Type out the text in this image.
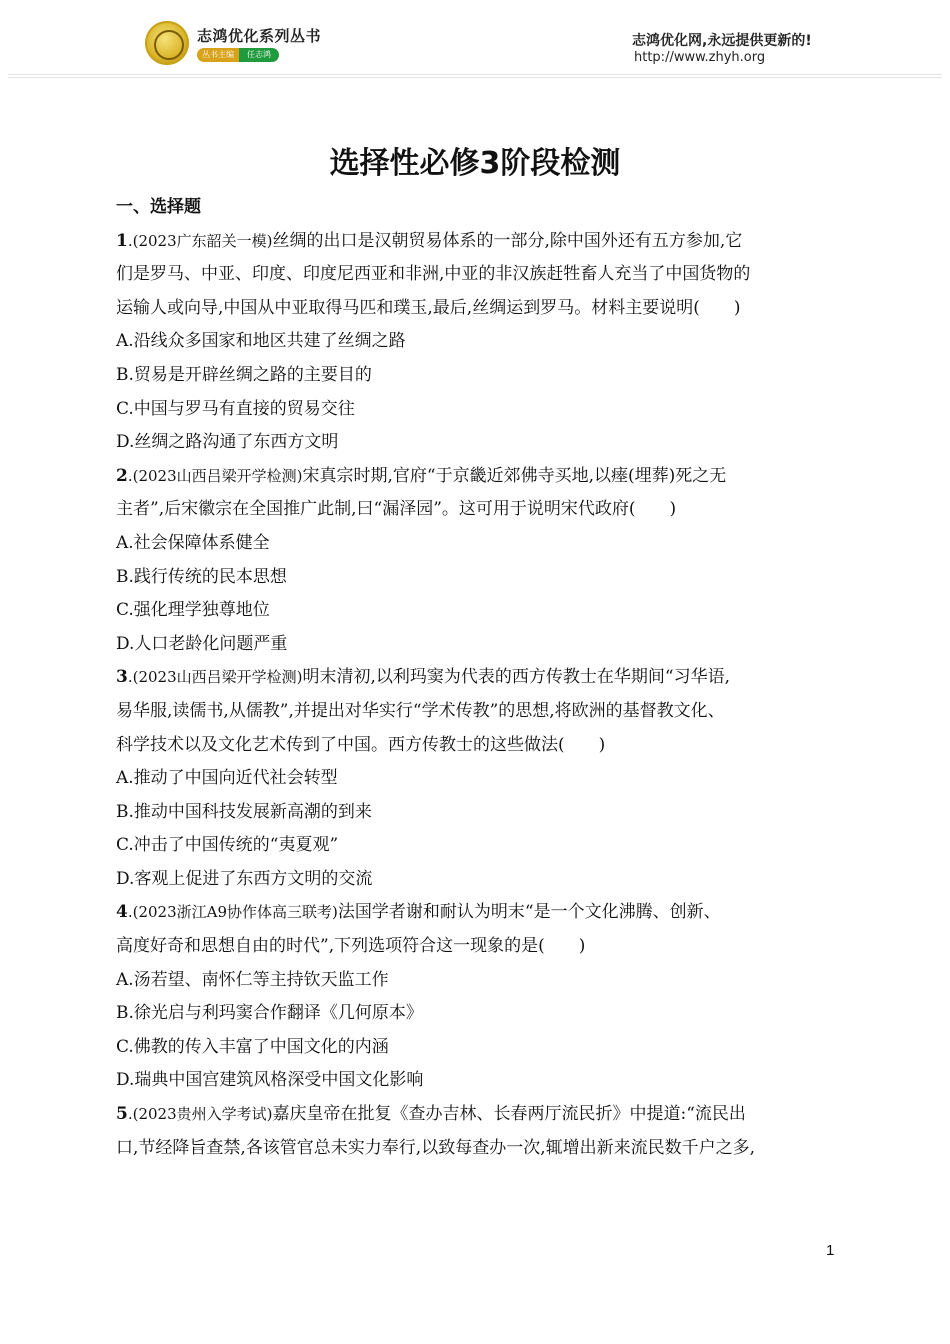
志鸿优化系列丛书
丛书主编	任志鸿
志鸿优化网,永远提供更新的!
http://www.zhyh.org
选择性必修3阶段检测
一、选择题
1.(2023广东韶关一模)丝绸的出口是汉朝贸易体系的一部分,除中国外还有五方参加,它
们是罗马、中亚、印度、印度尼西亚和非洲,中亚的非汉族赶牲畜人充当了中国货物的
运输人或向导,中国从中亚取得马匹和璞玉,最后,丝绸运到罗马。材料主要说明(　　)
A.沿线众多国家和地区共建了丝绸之路
B.贸易是开辟丝绸之路的主要目的
C.中国与罗马有直接的贸易交往
D.丝绸之路沟通了东西方文明
2.(2023山西吕梁开学检测)宋真宗时期,官府“于京畿近郊佛寺买地,以瘗(埋葬)死之无
主者”,后宋徽宗在全国推广此制,曰“漏泽园”。这可用于说明宋代政府(　　)
A.社会保障体系健全
B.践行传统的民本思想
C.强化理学独尊地位
D.人口老龄化问题严重
3.(2023山西吕梁开学检测)明末清初,以利玛窦为代表的西方传教士在华期间“习华语,
易华服,读儒书,从儒教”,并提出对华实行“学术传教”的思想,将欧洲的基督教文化、
科学技术以及文化艺术传到了中国。西方传教士的这些做法(　　)
A.推动了中国向近代社会转型
B.推动中国科技发展新高潮的到来
C.冲击了中国传统的“夷夏观”
D.客观上促进了东西方文明的交流
4.(2023浙江A9协作体高三联考)法国学者谢和耐认为明末“是一个文化沸腾、创新、
高度好奇和思想自由的时代”,下列选项符合这一现象的是(　　)
A.汤若望、南怀仁等主持钦天监工作
B.徐光启与利玛窦合作翻译《几何原本》
C.佛教的传入丰富了中国文化的内涵
D.瑞典中国宫建筑风格深受中国文化影响
5.(2023贵州入学考试)嘉庆皇帝在批复《查办吉林、长春两厅流民折》中提道:“流民出
口,节经降旨查禁,各该管官总未实力奉行,以致每查办一次,辄增出新来流民数千户之多,
1
